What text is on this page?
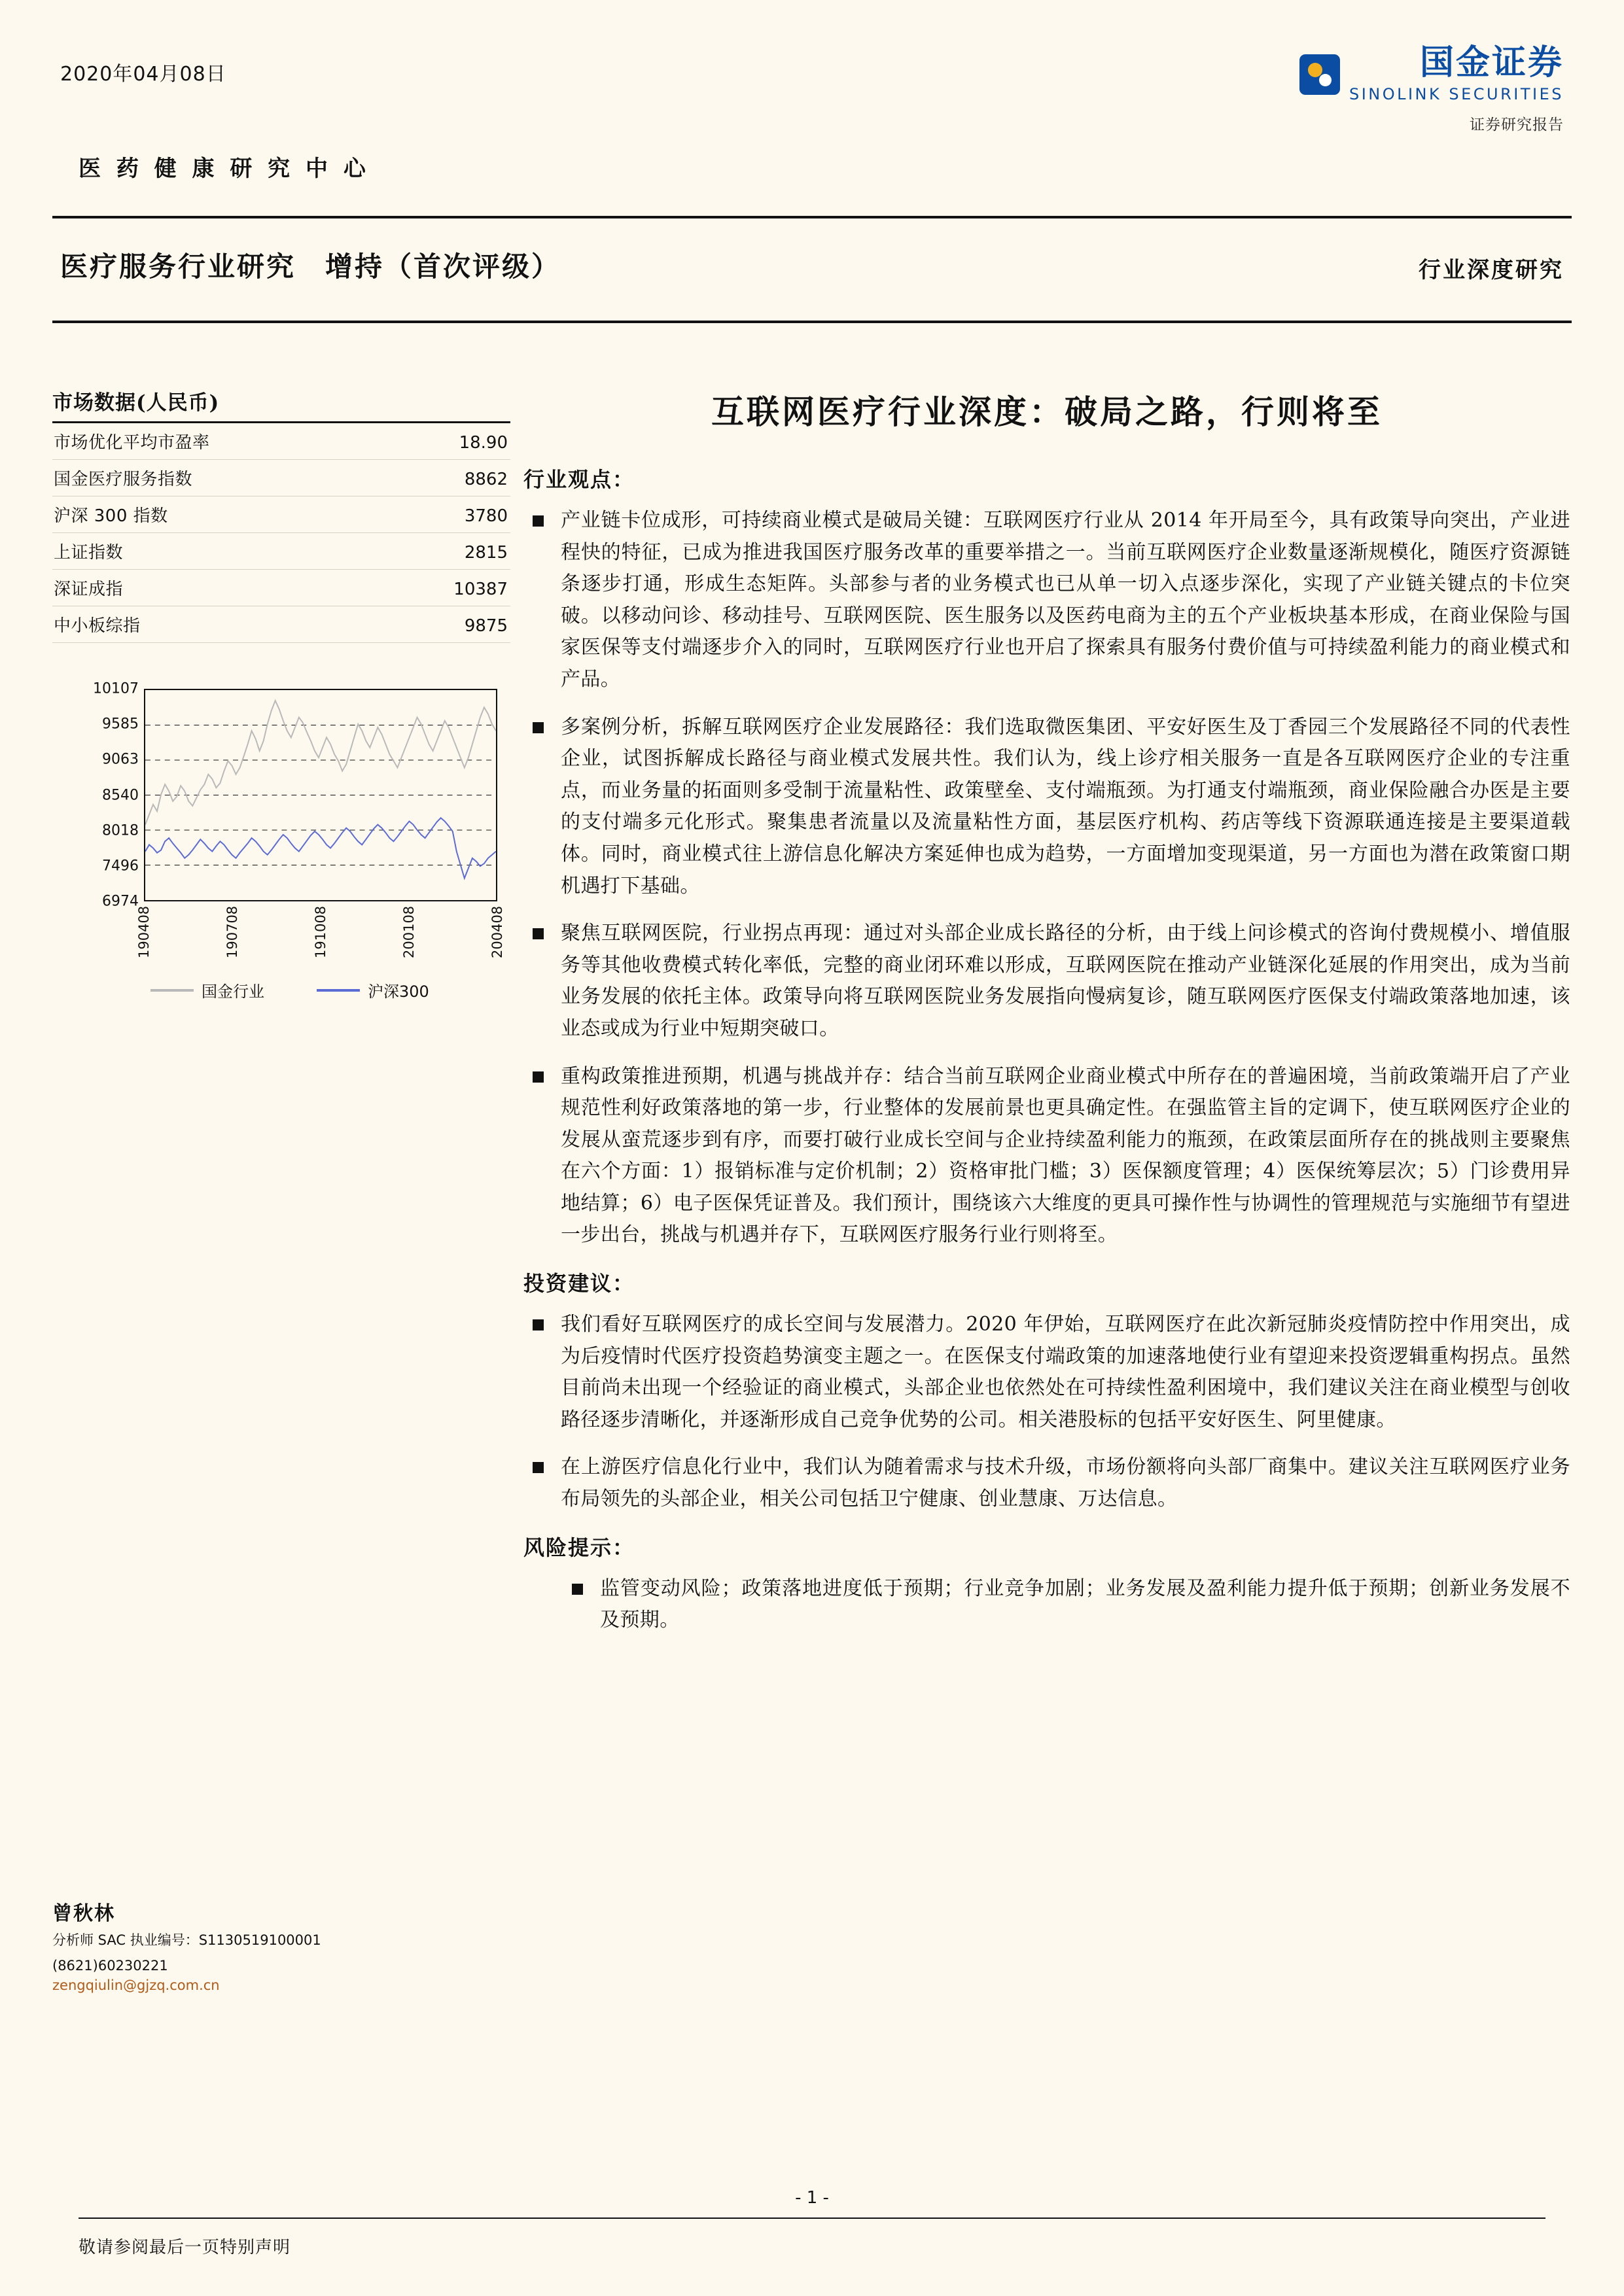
2020年04月08日	国金证券
SINOLINK SECURITIES
证券研究报告
医 药 健 康 研 究 中 心
医疗服务行业研究　增持（首次评级）	行业深度研究
市场数据(人民币)
市场优化平均市盈率	18.90
国金医疗服务指数	8862
沪深 300 指数	3780
上证指数	2815
深证成指	10387
中小板综指	9875
10107
9585
9063
8540
8018
7496
6974
190408	190708	191008	200108	200408
国金行业	沪深300
曾秋林
分析师 SAC 执业编号：S1130519100001
(8621)60230221
zengqiulin@gjzq.com.cn
互联网医疗行业深度：破局之路，行则将至
行业观点：
产业链卡位成形，可持续商业模式是破局关键：互联网医疗行业从 2014 年开局至今，具有政策导向突出，产业进程快的特征，已成为推进我国医疗服务改革的重要举措之一。当前互联网医疗企业数量逐渐规模化，随医疗资源链条逐步打通，形成生态矩阵。头部参与者的业务模式也已从单一切入点逐步深化，实现了产业链关键点的卡位突破。以移动问诊、移动挂号、互联网医院、医生服务以及医药电商为主的五个产业板块基本形成，在商业保险与国家医保等支付端逐步介入的同时，互联网医疗行业也开启了探索具有服务付费价值与可持续盈利能力的商业模式和产品。
多案例分析，拆解互联网医疗企业发展路径：我们选取微医集团、平安好医生及丁香园三个发展路径不同的代表性企业，试图拆解成长路径与商业模式发展共性。我们认为，线上诊疗相关服务一直是各互联网医疗企业的专注重点，而业务量的拓面则多受制于流量粘性、政策壁垒、支付端瓶颈。为打通支付端瓶颈，商业保险融合办医是主要的支付端多元化形式。聚集患者流量以及流量粘性方面，基层医疗机构、药店等线下资源联通连接是主要渠道载体。同时，商业模式往上游信息化解决方案延伸也成为趋势，一方面增加变现渠道，另一方面也为潜在政策窗口期机遇打下基础。
聚焦互联网医院，行业拐点再现：通过对头部企业成长路径的分析，由于线上问诊模式的咨询付费规模小、增值服务等其他收费模式转化率低，完整的商业闭环难以形成，互联网医院在推动产业链深化延展的作用突出，成为当前业务发展的依托主体。政策导向将互联网医院业务发展指向慢病复诊，随互联网医疗医保支付端政策落地加速，该业态或成为行业中短期突破口。
重构政策推进预期，机遇与挑战并存：结合当前互联网企业商业模式中所存在的普遍困境，当前政策端开启了产业规范性利好政策落地的第一步，行业整体的发展前景也更具确定性。在强监管主旨的定调下，使互联网医疗企业的发展从蛮荒逐步到有序，而要打破行业成长空间与企业持续盈利能力的瓶颈，在政策层面所存在的挑战则主要聚焦在六个方面：1）报销标准与定价机制；2）资格审批门槛；3）医保额度管理；4）医保统筹层次；5）门诊费用异地结算；6）电子医保凭证普及。我们预计，围绕该六大维度的更具可操作性与协调性的管理规范与实施细节有望进一步出台，挑战与机遇并存下，互联网医疗服务行业行则将至。
投资建议：
我们看好互联网医疗的成长空间与发展潜力。2020 年伊始，互联网医疗在此次新冠肺炎疫情防控中作用突出，成为后疫情时代医疗投资趋势演变主题之一。在医保支付端政策的加速落地使行业有望迎来投资逻辑重构拐点。虽然目前尚未出现一个经验证的商业模式，头部企业也依然处在可持续性盈利困境中，我们建议关注在商业模型与创收路径逐步清晰化，并逐渐形成自己竞争优势的公司。相关港股标的包括平安好医生、阿里健康。
在上游医疗信息化行业中，我们认为随着需求与技术升级，市场份额将向头部厂商集中。建议关注互联网医疗业务布局领先的头部企业，相关公司包括卫宁健康、创业慧康、万达信息。
风险提示：
监管变动风险；政策落地进度低于预期；行业竞争加剧；业务发展及盈利能力提升低于预期；创新业务发展不及预期。
- 1 -
敬请参阅最后一页特别声明
